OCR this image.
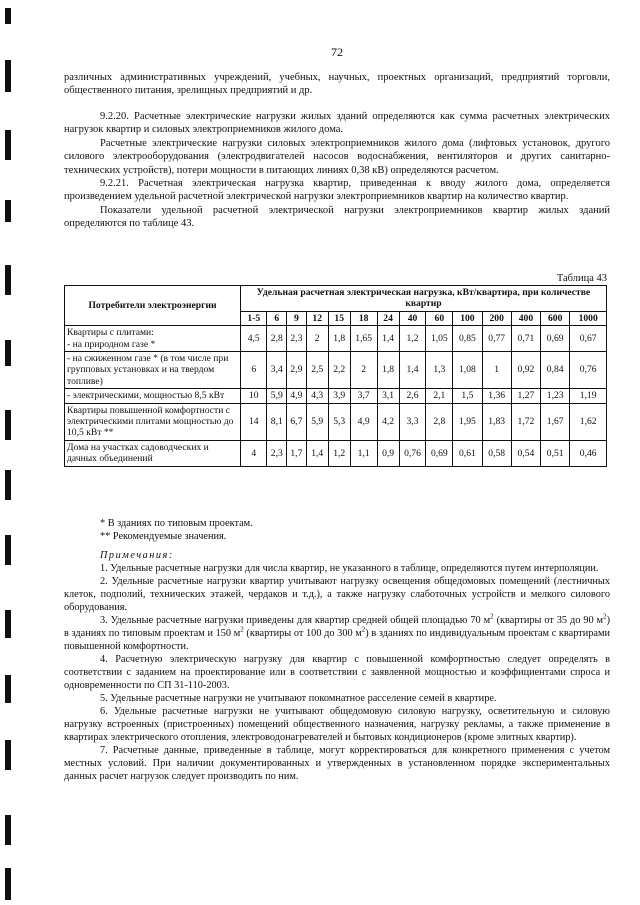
72

различных административных учреждений, учебных, научных, проектных организаций, предприятий торговли, общественного питания, зрелищных предприятий и др.

9.2.20. Расчетные электрические нагрузки жилых зданий определяются как сумма расчетных электрических нагрузок квартир и силовых электроприемников жилого дома.

Расчетные электрические нагрузки силовых электроприемников жилого дома (лифтовых установок, другого силового электрооборудования (электродвигателей насосов водоснабжения, вентиляторов и других санитарно-технических устройств), потери мощности в питающих линиях 0,38 кВ) определяются расчетом.

9.2.21. Расчетная электрическая нагрузка квартир, приведенная к вводу жилого дома, определяется произведением удельной расчетной электрической нагрузки электроприемников квартир на количество квартир.

Показатели удельной расчетной электрической нагрузки электроприемников квартир жилых зданий определяются по таблице 43.

Таблица 43
Потребители электроэнергии	Удельная расчетная электрическая нагрузка, кВт/квартира, при количестве квартир													
	1-5	6	9	12	15	18	24	40	60	100	200	400	600	1000
Квартиры с плитами:
- на природном газе *	4,5	2,8	2,3	2	1,8	1,65	1,4	1,2	1,05	0,85	0,77	0,71	0,69	0,67
- на сжиженном газе * (в том числе при групповых установках и на твердом топливе)	6	3,4	2,9	2,5	2,2	2	1,8	1,4	1,3	1,08	1	0,92	0,84	0,76
- электрическими, мощностью 8,5 кВт	10	5,9	4,9	4,3	3,9	3,7	3,1	2,6	2,1	1,5	1,36	1,27	1,23	1,19
Квартиры повышенной комфортности с электрическими плитами мощностью до 10,5 кВт **	14	8,1	6,7	5,9	5,3	4,9	4,2	3,3	2,8	1,95	1,83	1,72	1,67	1,62
Дома на участках садоводческих и дачных объединений	4	2,3	1,7	1,4	1,2	1,1	0,9	0,76	0,69	0,61	0,58	0,54	0,51	0,46

* В зданиях по типовым проектам.

** Рекомендуемые значения.

Примечания:

1. Удельные расчетные нагрузки для числа квартир, не указанного в таблице, определяются путем интерполяции.

2. Удельные расчетные нагрузки квартир учитывают нагрузку освещения общедомовых помещений (лестничных клеток, подполий, технических этажей, чердаков и т.д.), а также нагрузку слаботочных устройств и мелкого силового оборудования.

3. Удельные расчетные нагрузки приведены для квартир средней общей площадью 70 $м^2$ (квартиры от 35 до 90 $м^2$) в зданиях по типовым проектам и 150 $м^2$ (квартиры от 100 до 300 $м^2$) в зданиях по индивидуальным проектам с квартирами повышенной комфортности.

4. Расчетную электрическую нагрузку для квартир с повышенной комфортностью следует определять в соответствии с заданием на проектирование или в соответствии с заявленной мощностью и коэффициентами спроса и одновременности по СП 31-110-2003.

5. Удельные расчетные нагрузки не учитывают покомнатное расселение семей в квартире.

6. Удельные расчетные нагрузки не учитывают общедомовую силовую нагрузку, осветительную и силовую нагрузку встроенных (пристроенных) помещений общественного назначения, нагрузку рекламы, а также применение в квартирах электрического отопления, электроводонагревателей и бытовых кондиционеров (кроме элитных квартир).

7. Расчетные данные, приведенные в таблице, могут корректироваться для конкретного применения с учетом местных условий. При наличии документированных и утвержденных в установленном порядке экспериментальных данных расчет нагрузок следует производить по ним.
